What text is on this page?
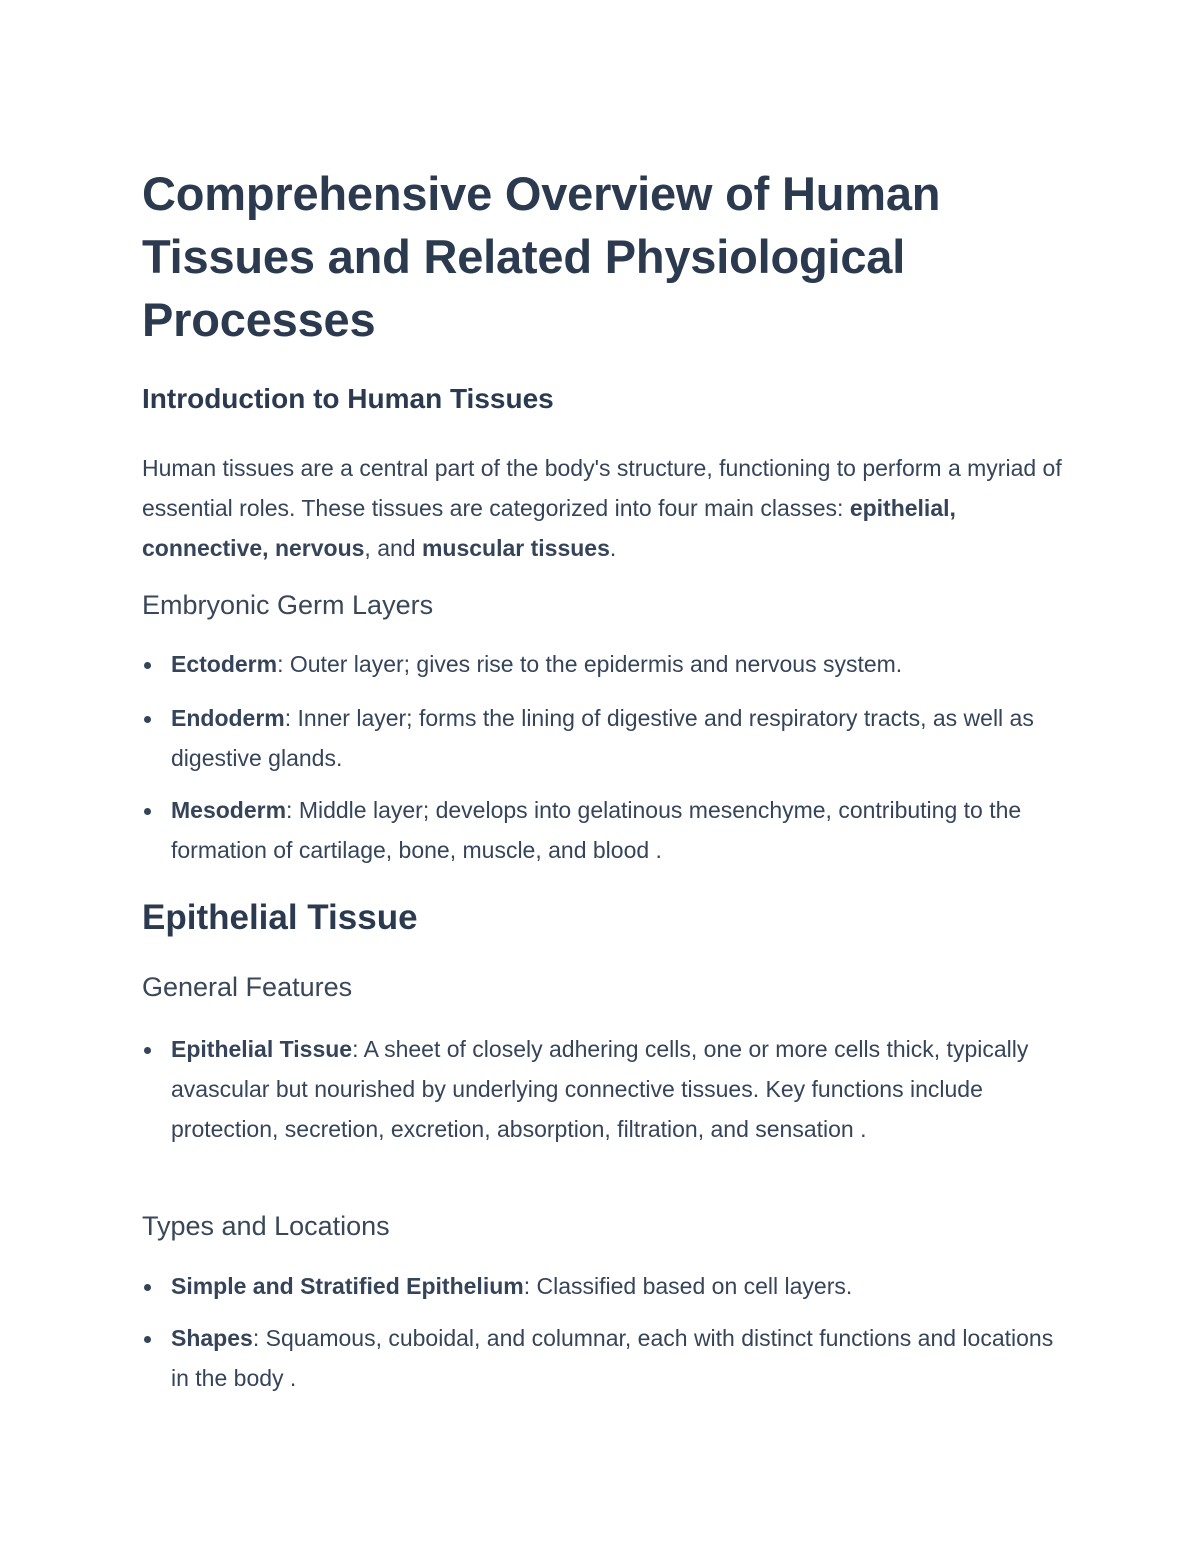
Comprehensive Overview of Human Tissues and Related Physiological Processes
Introduction to Human Tissues

Human tissues are a central part of the body's structure, functioning to perform a myriad of essential roles. These tissues are categorized into four main classes: epithelial, connective, nervous, and muscular tissues.

Embryonic Germ Layers
Ectoderm: Outer layer; gives rise to the epidermis and nervous system.
Endoderm: Inner layer; forms the lining of digestive and respiratory tracts, as well as digestive glands.
Mesoderm: Middle layer; develops into gelatinous mesenchyme, contributing to the formation of cartilage, bone, muscle, and blood .
Epithelial Tissue
General Features
Epithelial Tissue: A sheet of closely adhering cells, one or more cells thick, typically avascular but nourished by underlying connective tissues. Key functions include protection, secretion, excretion, absorption, filtration, and sensation .
Types and Locations
Simple and Stratified Epithelium: Classified based on cell layers.
Shapes: Squamous, cuboidal, and columnar, each with distinct functions and locations in the body .
